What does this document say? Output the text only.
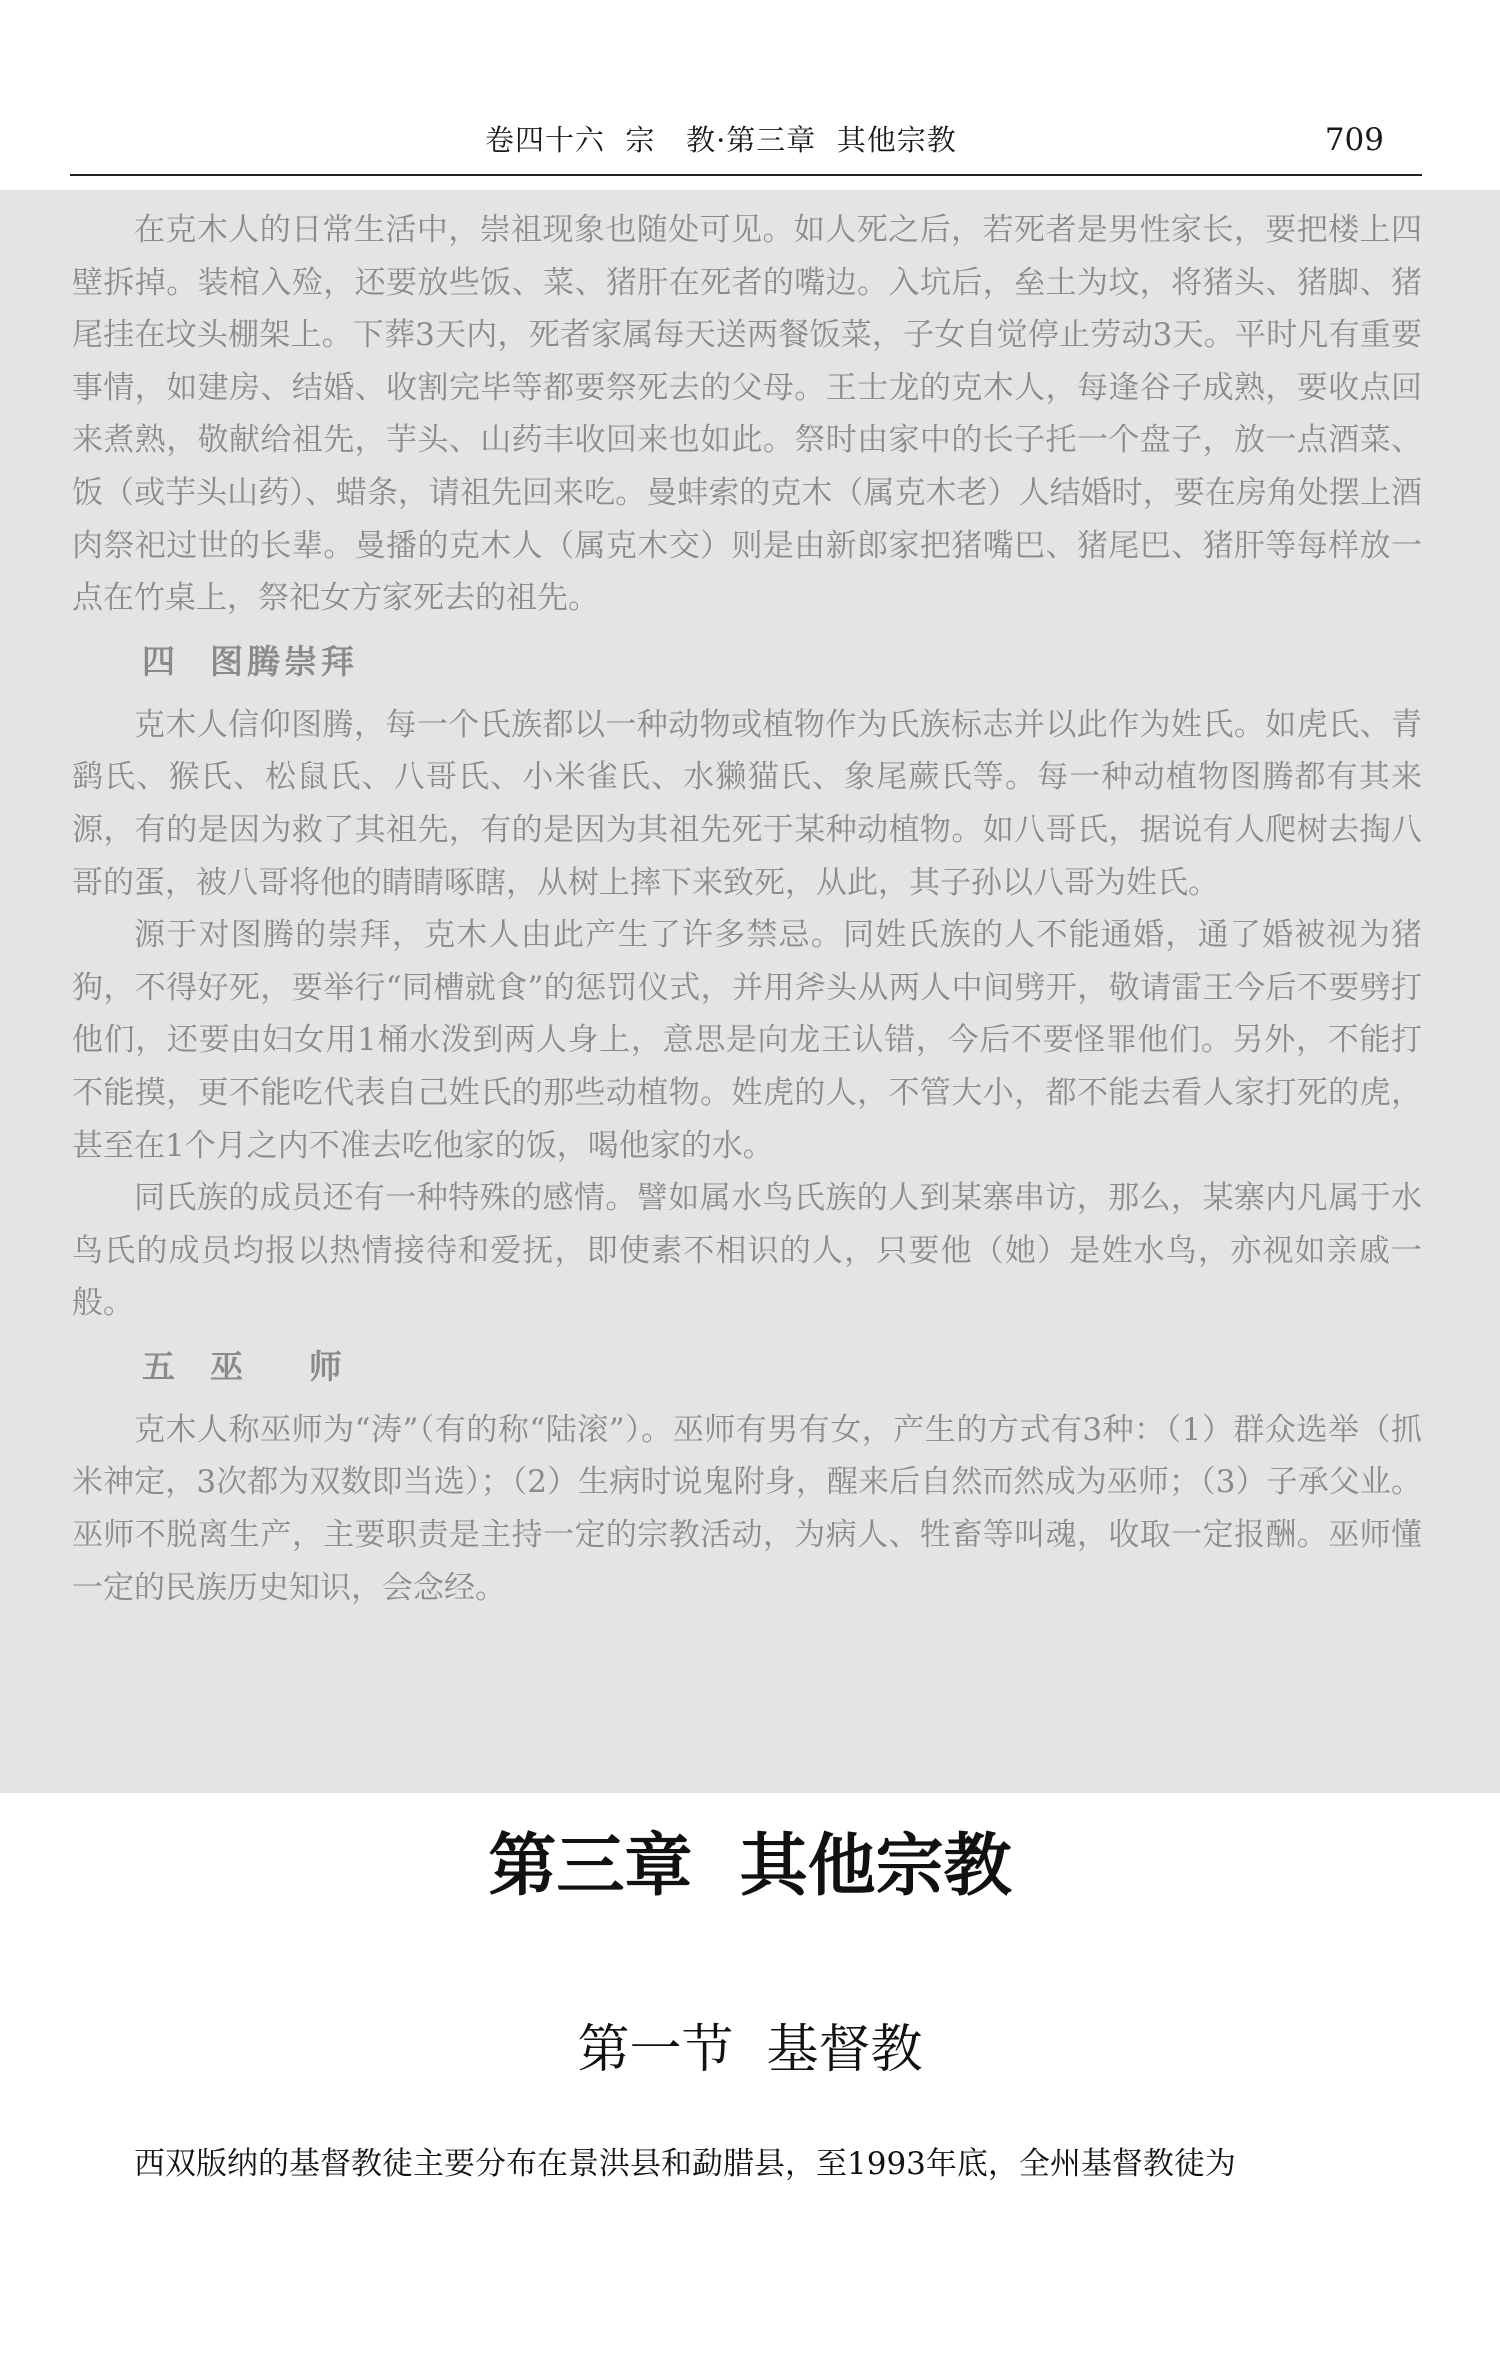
卷四十六  宗   教·第三章  其他宗教	709

在克木人的日常生活中，崇祖现象也随处可见。如人死之后，若死者是男性家长，要把楼上四壁拆掉。装棺入殓，还要放些饭、菜、猪肝在死者的嘴边。入坑后，垒土为坟，将猪头、猪脚、猪尾挂在坟头棚架上。下葬3天内，死者家属每天送两餐饭菜，子女自觉停止劳动3天。平时凡有重要事情，如建房、结婚、收割完毕等都要祭死去的父母。王士龙的克木人，每逢谷子成熟，要收点回来煮熟，敬献给祖先，芋头、山药丰收回来也如此。祭时由家中的长子托一个盘子，放一点酒菜、饭（或芋头山药）、蜡条，请祖先回来吃。曼蚌索的克木（属克木老）人结婚时，要在房角处摆上酒肉祭祀过世的长辈。曼播的克木人（属克木交）则是由新郎家把猪嘴巴、猪尾巴、猪肝等每样放一点在竹桌上，祭祀女方家死去的祖先。

四  图腾崇拜

克木人信仰图腾，每一个氏族都以一种动物或植物作为氏族标志并以此作为姓氏。如虎氏、青鹞氏、猴氏、松鼠氏、八哥氏、小米雀氏、水獭猫氏、象尾蕨氏等。每一种动植物图腾都有其来源，有的是因为救了其祖先，有的是因为其祖先死于某种动植物。如八哥氏，据说有人爬树去掏八哥的蛋，被八哥将他的睛睛啄瞎，从树上摔下来致死，从此，其子孙以八哥为姓氏。

源于对图腾的崇拜，克木人由此产生了许多禁忌。同姓氏族的人不能通婚，通了婚被视为猪狗，不得好死，要举行“同槽就食”的惩罚仪式，并用斧头从两人中间劈开，敬请雷王今后不要劈打他们，还要由妇女用1桶水泼到两人身上，意思是向龙王认错，今后不要怪罪他们。另外，不能打不能摸，更不能吃代表自己姓氏的那些动植物。姓虎的人，不管大小，都不能去看人家打死的虎，甚至在1个月之内不准去吃他家的饭，喝他家的水。

同氏族的成员还有一种特殊的感情。譬如属水鸟氏族的人到某寨串访，那么，某寨内凡属于水鸟氏的成员均报以热情接待和爱抚，即使素不相识的人，只要他（她）是姓水鸟，亦视如亲戚一般。

五  巫    师

克木人称巫师为“涛”（有的称“陆滚”）。巫师有男有女，产生的方式有3种：（1）群众选举（抓米神定，3次都为双数即当选）；（2）生病时说鬼附身，醒来后自然而然成为巫师；（3）子承父业。巫师不脱离生产，主要职责是主持一定的宗教活动，为病人、牲畜等叫魂，收取一定报酬。巫师懂一定的民族历史知识，会念经。

第三章  其他宗教
第一节  基督教

西双版纳的基督教徒主要分布在景洪县和勐腊县，至1993年底，全州基督教徒为
